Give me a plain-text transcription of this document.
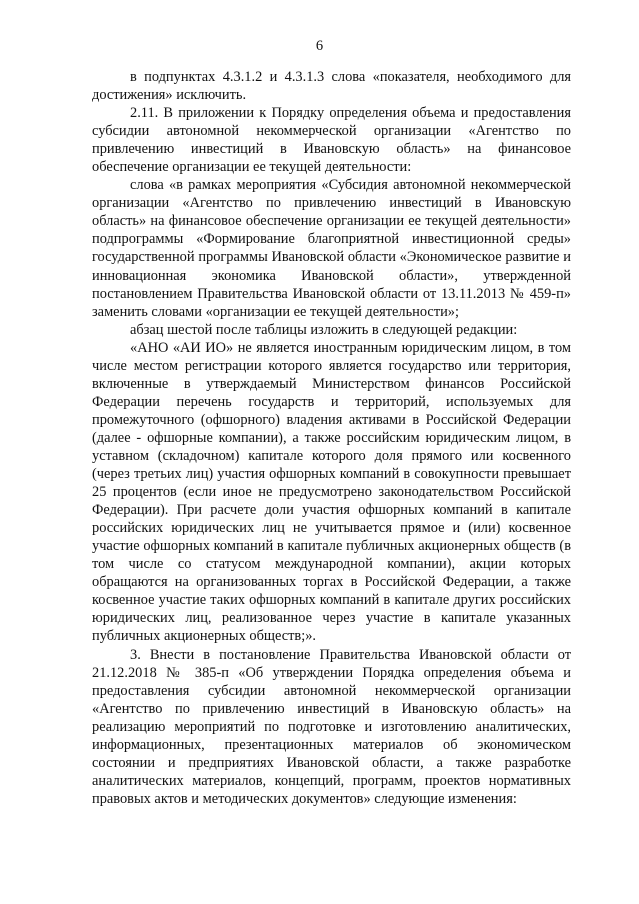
6

в подпунктах 4.3.1.2 и 4.3.1.3 слова «показателя, необходимого для достижения» исключить.

2.11. В приложении к Порядку определения объема и предоставления субсидии автономной некоммерческой организации «Агентство по привлечению инвестиций в Ивановскую область» на финансовое обеспечение организации ее текущей деятельности:

слова «в рамках мероприятия «Субсидия автономной некоммерческой организации «Агентство по привлечению инвестиций в Ивановскую область» на финансовое обеспечение организации ее текущей деятельности» подпрограммы «Формирование благоприятной инвестиционной среды» государственной программы Ивановской области «Экономическое развитие и инновационная экономика Ивановской области», утвержденной постановлением Правительства Ивановской области от 13.11.2013 № 459-п» заменить словами «организации ее текущей деятельности»;

абзац шестой после таблицы изложить в следующей редакции:

«АНО «АИ ИО» не является иностранным юридическим лицом, в том числе местом регистрации которого является государство или территория, включенные в утверждаемый Министерством финансов Российской Федерации перечень государств и территорий, используемых для промежуточного (офшорного) владения активами в Российской Федерации (далее - офшорные компании), а также российским юридическим лицом, в уставном (складочном) капитале которого доля прямого или косвенного (через третьих лиц) участия офшорных компаний в совокупности превышает 25 процентов (если иное не предусмотрено законодательством Российской Федерации). При расчете доли участия офшорных компаний в капитале российских юридических лиц не учитывается прямое и (или) косвенное участие офшорных компаний в капитале публичных акционерных обществ (в том числе со статусом международной компании), акции которых обращаются на организованных торгах в Российской Федерации, а также косвенное участие таких офшорных компаний в капитале других российских юридических лиц, реализованное через участие в капитале указанных публичных акционерных обществ;».

3. Внести в постановление Правительства Ивановской области от 21.12.2018 № 385-п «Об утверждении Порядка определения объема и предоставления субсидии автономной некоммерческой организации «Агентство по привлечению инвестиций в Ивановскую область» на реализацию мероприятий по подготовке и изготовлению аналитических, информационных, презентационных материалов об экономическом состоянии и предприятиях Ивановской области, а также разработке аналитических материалов, концепций, программ, проектов нормативных правовых актов и методических документов» следующие изменения:
